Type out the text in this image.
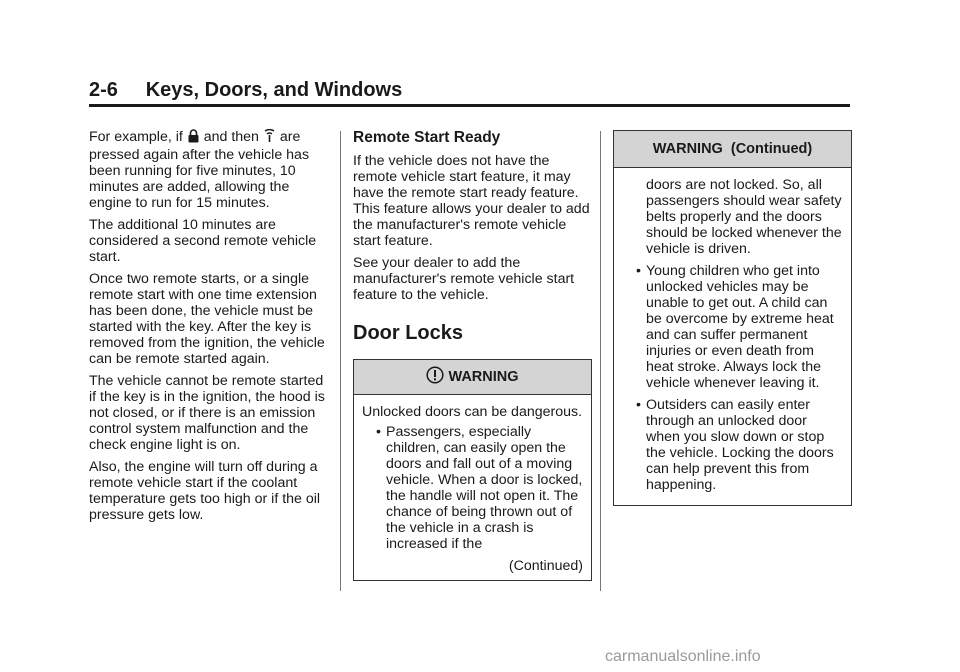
2-6 Keys, Doors, and Windows

For example, if  and then  are pressed again after the vehicle has been running for five minutes, 10 minutes are added, allowing the engine to run for 15 minutes.

The additional 10 minutes are considered a second remote vehicle start.

Once two remote starts, or a single remote start with one time extension has been done, the vehicle must be started with the key. After the key is removed from the ignition, the vehicle can be remote started again.

The vehicle cannot be remote started if the key is in the ignition, the hood is not closed, or if there is an emission control system malfunction and the check engine light is on.

Also, the engine will turn off during a remote vehicle start if the coolant temperature gets too high or if the oil pressure gets low.

Remote Start Ready

If the vehicle does not have the remote vehicle start feature, it may have the remote start ready feature. This feature allows your dealer to add the manufacturer's remote vehicle start feature.

See your dealer to add the manufacturer's remote vehicle start feature to the vehicle.

Door Locks
WARNING

Unlocked doors can be dangerous.

• Passengers, especially children, can easily open the doors and fall out of a moving vehicle. When a door is locked, the handle will not open it. The chance of being thrown out of the vehicle in a crash is increased if the
(Continued)
WARNING  (Continued)
doors are not locked. So, all passengers should wear safety belts properly and the doors should be locked whenever the vehicle is driven.
• Young children who get into unlocked vehicles may be unable to get out. A child can be overcome by extreme heat and can suffer permanent injuries or even death from heat stroke. Always lock the vehicle whenever leaving it.
• Outsiders can easily enter through an unlocked door when you slow down or stop the vehicle. Locking the doors can help prevent this from happening.
carmanualsonline.info
